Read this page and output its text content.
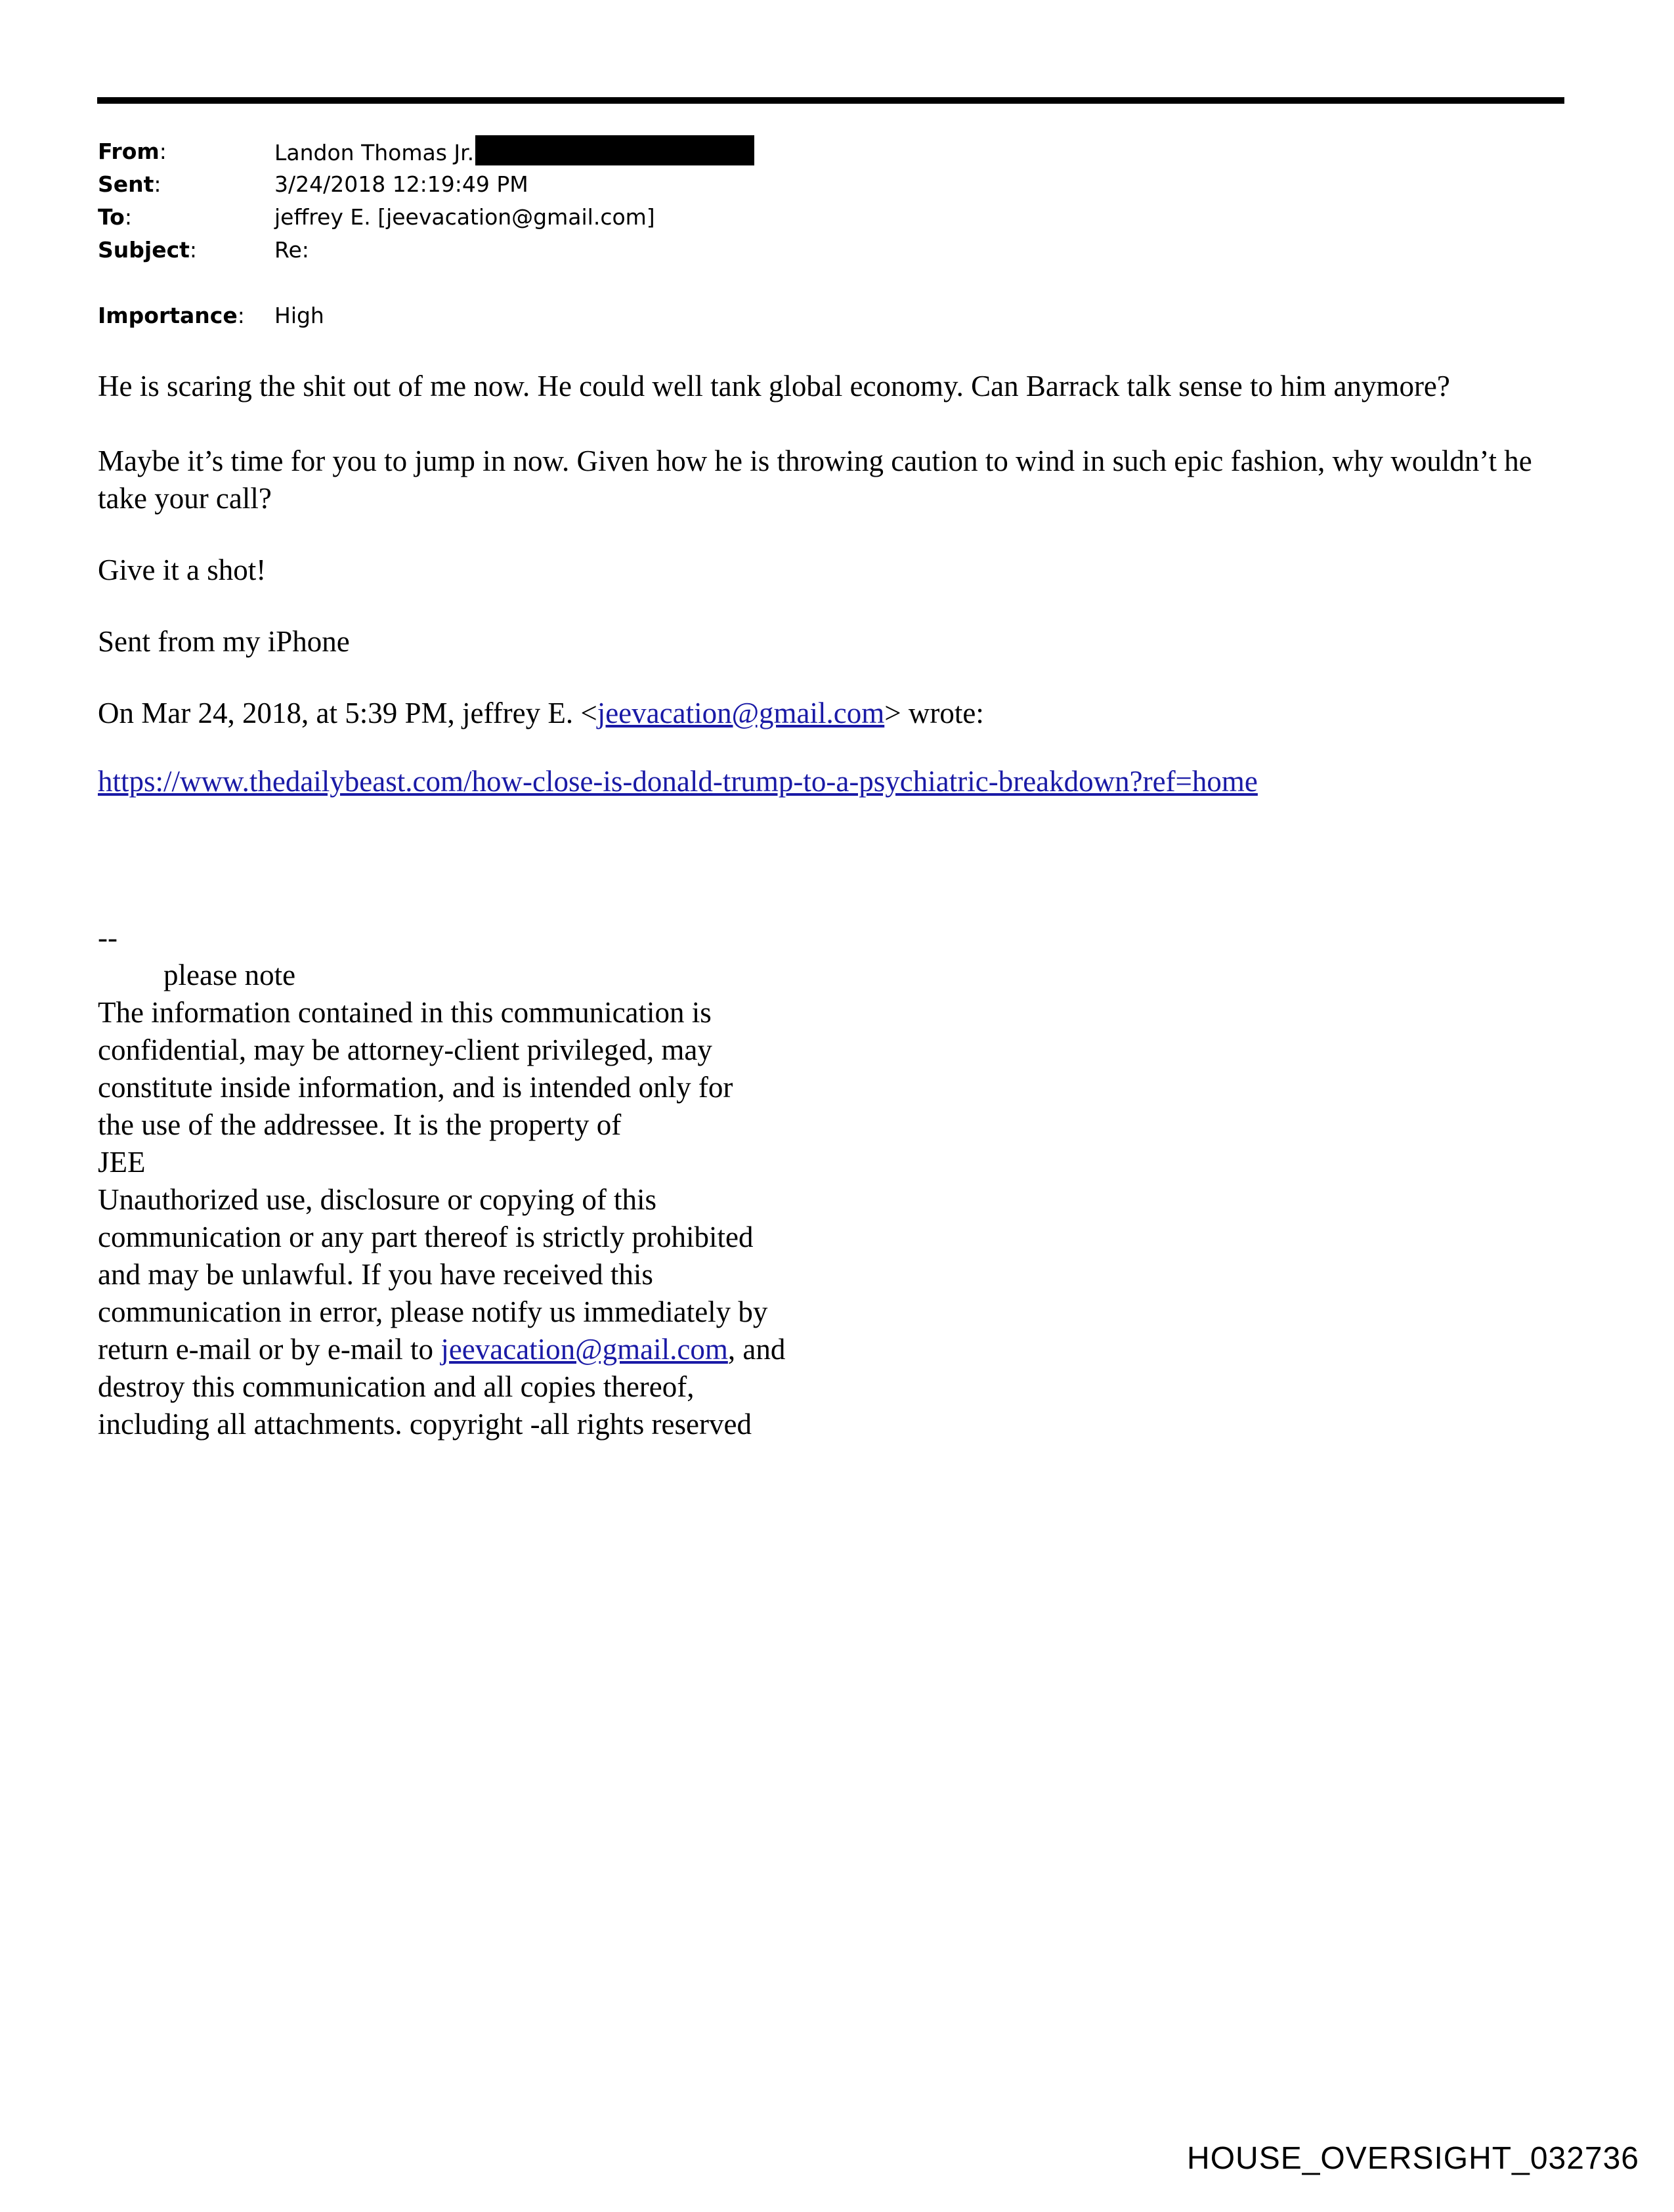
From:	Landon Thomas Jr.
Sent:	3/24/2018 12:19:49 PM
To:	jeffrey E. [jeevacation@gmail.com]
Subject:	Re:
Importance: High

He is scaring the shit out of me now. He could well tank global economy. Can Barrack talk sense to him anymore?

Maybe it’s time for you to jump in now. Given how he is throwing caution to wind in such epic fashion, why wouldn’t he take your call?

Give it a shot!

Sent from my iPhone

On Mar 24, 2018, at 5:39 PM, jeffrey E. <jeevacation@gmail.com> wrote:

https://www.thedailybeast.com/how-close-is-donald-trump-to-a-psychiatric-breakdown?ref=home

--
please note
The information contained in this communication is
confidential, may be attorney-client privileged, may
constitute inside information, and is intended only for
the use of the addressee. It is the property of
JEE
Unauthorized use, disclosure or copying of this
communication or any part thereof is strictly prohibited
and may be unlawful. If you have received this
communication in error, please notify us immediately by
return e-mail or by e-mail to jeevacation@gmail.com, and
destroy this communication and all copies thereof,
including all attachments. copyright -all rights reserved
HOUSE_OVERSIGHT_032736
